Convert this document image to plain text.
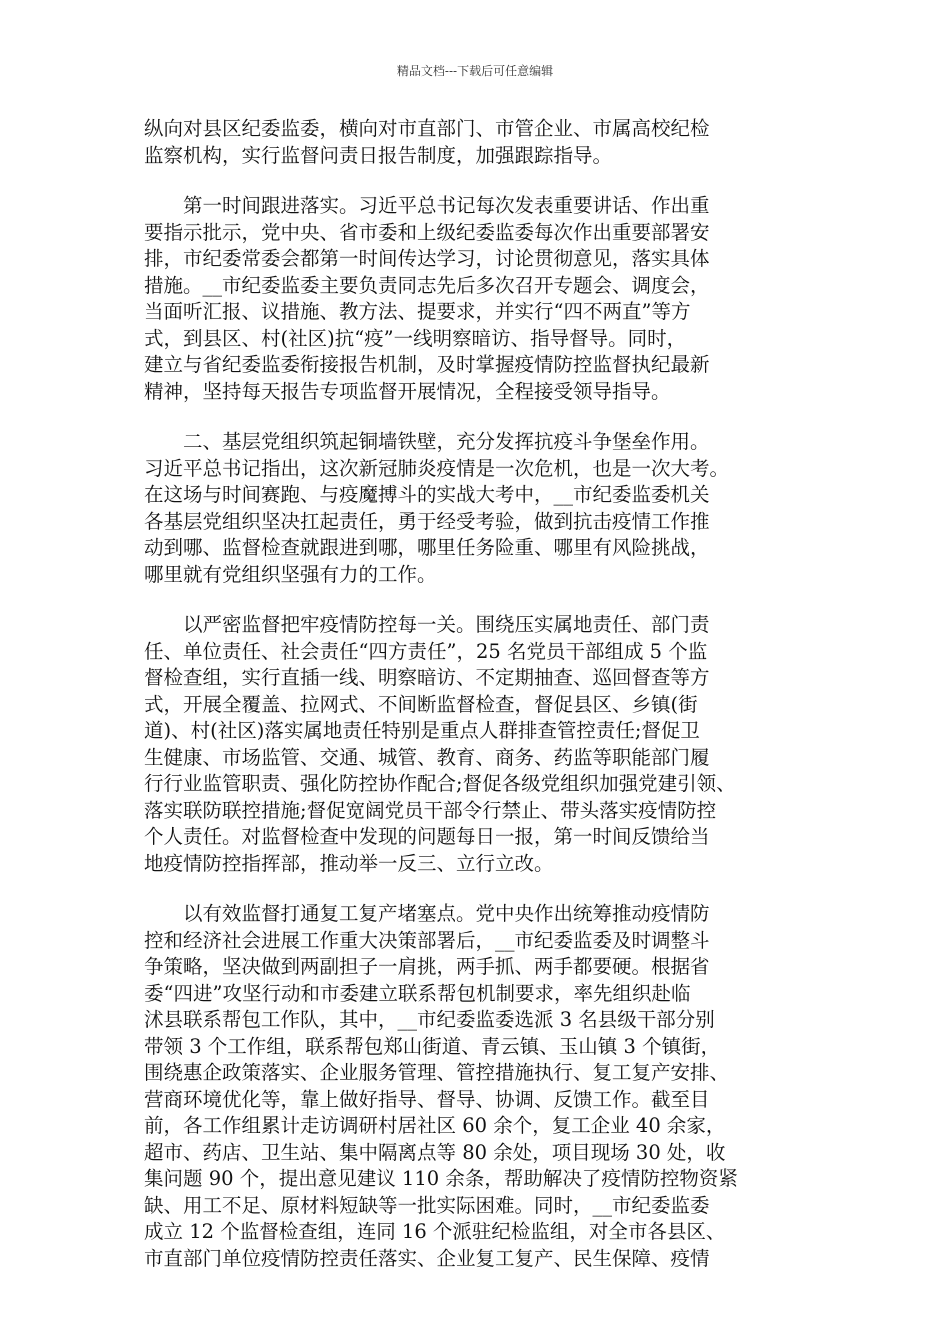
精品文档---下载后可任意编辑
纵向对县区纪委监委，横向对市直部门、市管企业、市属高校纪检
监察机构，实行监督问责日报告制度，加强跟踪指导。
　　第一时间跟进落实。习近平总书记每次发表重要讲话、作出重
要指示批示，党中央、省市委和上级纪委监委每次作出重要部署安
排，市纪委常委会都第一时间传达学习，讨论贯彻意见，落实具体
措施。__市纪委监委主要负责同志先后多次召开专题会、调度会，
当面听汇报、议措施、教方法、提要求，并实行“四不两直”等方
式，到县区、村(社区)抗“疫”一线明察暗访、指导督导。同时，
建立与省纪委监委衔接报告机制，及时掌握疫情防控监督执纪最新
精神，坚持每天报告专项监督开展情况，全程接受领导指导。
　　二、基层党组织筑起铜墙铁壁，充分发挥抗疫斗争堡垒作用。
习近平总书记指出，这次新冠肺炎疫情是一次危机，也是一次大考。
在这场与时间赛跑、与疫魔搏斗的实战大考中，__市纪委监委机关
各基层党组织坚决扛起责任，勇于经受考验，做到抗击疫情工作推
动到哪、监督检查就跟进到哪，哪里任务险重、哪里有风险挑战，
哪里就有党组织坚强有力的工作。
　　以严密监督把牢疫情防控每一关。围绕压实属地责任、部门责
任、单位责任、社会责任“四方责任”，25 名党员干部组成 5 个监
督检查组，实行直插一线、明察暗访、不定期抽查、巡回督查等方
式，开展全覆盖、拉网式、不间断监督检查，督促县区、乡镇(街
道)、村(社区)落实属地责任特别是重点人群排查管控责任;督促卫
生健康、市场监管、交通、城管、教育、商务、药监等职能部门履
行行业监管职责、强化防控协作配合;督促各级党组织加强党建引领、
落实联防联控措施;督促宽阔党员干部令行禁止、带头落实疫情防控
个人责任。对监督检查中发现的问题每日一报，第一时间反馈给当
地疫情防控指挥部，推动举一反三、立行立改。
　　以有效监督打通复工复产堵塞点。党中央作出统筹推动疫情防
控和经济社会进展工作重大决策部署后，__市纪委监委及时调整斗
争策略，坚决做到两副担子一肩挑，两手抓、两手都要硬。根据省
委“四进”攻坚行动和市委建立联系帮包机制要求，率先组织赴临
沭县联系帮包工作队，其中，__市纪委监委选派 3 名县级干部分别
带领 3 个工作组，联系帮包郑山街道、青云镇、玉山镇 3 个镇街，
围绕惠企政策落实、企业服务管理、管控措施执行、复工复产安排、
营商环境优化等，靠上做好指导、督导、协调、反馈工作。截至目
前，各工作组累计走访调研村居社区 60 余个，复工企业 40 余家，
超市、药店、卫生站、集中隔离点等 80 余处，项目现场 30 处，收
集问题 90 个，提出意见建议 110 余条，帮助解决了疫情防控物资紧
缺、用工不足、原材料短缺等一批实际困难。同时，__市纪委监委
成立 12 个监督检查组，连同 16 个派驻纪检监组，对全市各县区、
市直部门单位疫情防控责任落实、企业复工复产、民生保障、疫情
